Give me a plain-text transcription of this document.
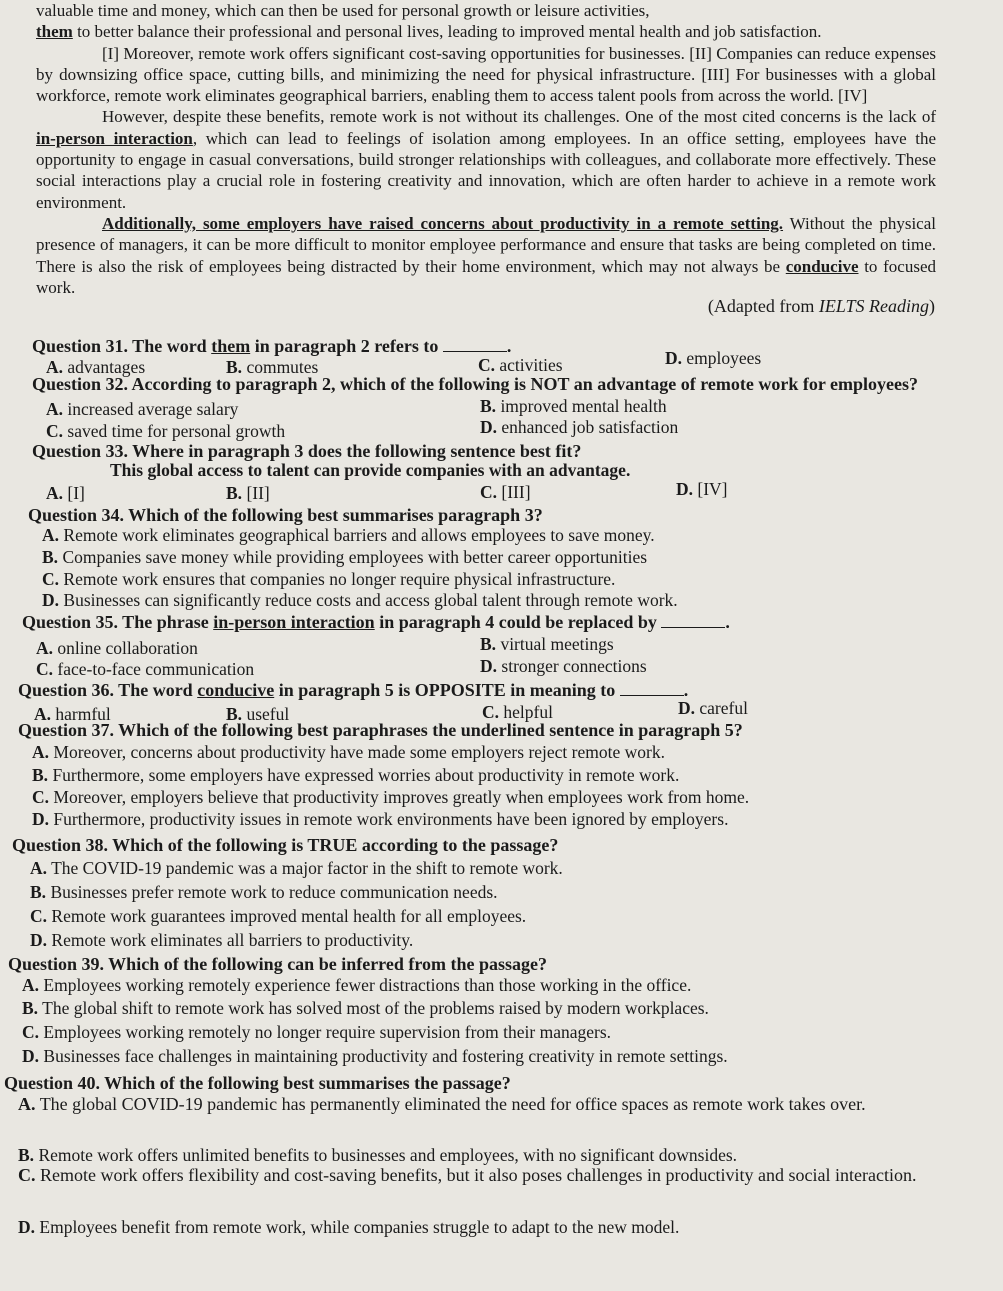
valuable time and money, which can then be used for personal growth or leisure activities,
them to better balance their professional and personal lives, leading to improved mental health and job satisfaction.

[I] Moreover, remote work offers significant cost-saving opportunities for businesses. [II] Companies can reduce expenses by downsizing office space, cutting bills, and minimizing the need for physical infrastructure. [III] For businesses with a global workforce, remote work eliminates geographical barriers, enabling them to access talent pools from across the world. [IV]

However, despite these benefits, remote work is not without its challenges. One of the most cited concerns is the lack of in-person interaction, which can lead to feelings of isolation among employees. In an office setting, employees have the opportunity to engage in casual conversations, build stronger relationships with colleagues, and collaborate more effectively. These social interactions play a crucial role in fostering creativity and innovation, which are often harder to achieve in a remote work environment.

Additionally, some employers have raised concerns about productivity in a remote setting. Without the physical presence of managers, it can be more difficult to monitor employee performance and ensure that tasks are being completed on time. There is also the risk of employees being distracted by their home environment, which may not always be conducive to focused work.

(Adapted from IELTS Reading)
Question 31. The word them in paragraph 2 refers to	.
A. advantages	B. commutes	C. activities	D. employees
Question 32. According to paragraph 2, which of the following is NOT an advantage of remote work for employees?
A. increased average salary	B. improved mental health
C. saved time for personal growth	D. enhanced job satisfaction
Question 33. Where in paragraph 3 does the following sentence best fit?
This global access to talent can provide companies with an advantage.
A. [I]	B. [II]	C. [III]	D. [IV]
Question 34. Which of the following best summarises paragraph 3?
A. Remote work eliminates geographical barriers and allows employees to save money.
B. Companies save money while providing employees with better career opportunities
C. Remote work ensures that companies no longer require physical infrastructure.
D. Businesses can significantly reduce costs and access global talent through remote work.
Question 35. The phrase in-person interaction in paragraph 4 could be replaced by	.
A. online collaboration	B. virtual meetings
C. face-to-face communication	D. stronger connections
Question 36. The word conducive in paragraph 5 is OPPOSITE in meaning to	.
A. harmful	B. useful	C. helpful	D. careful
Question 37. Which of the following best paraphrases the underlined sentence in paragraph 5?
A. Moreover, concerns about productivity have made some employers reject remote work.
B. Furthermore, some employers have expressed worries about productivity in remote work.
C. Moreover, employers believe that productivity improves greatly when employees work from home.
D. Furthermore, productivity issues in remote work environments have been ignored by employers.
Question 38. Which of the following is TRUE according to the passage?
A. The COVID-19 pandemic was a major factor in the shift to remote work.
B. Businesses prefer remote work to reduce communication needs.
C. Remote work guarantees improved mental health for all employees.
D. Remote work eliminates all barriers to productivity.
Question 39. Which of the following can be inferred from the passage?
A. Employees working remotely experience fewer distractions than those working in the office.
B. The global shift to remote work has solved most of the problems raised by modern workplaces.
C. Employees working remotely no longer require supervision from their managers.
D. Businesses face challenges in maintaining productivity and fostering creativity in remote settings.
Question 40. Which of the following best summarises the passage?
A. The global COVID-19 pandemic has permanently eliminated the need for office spaces as remote work takes over.
B. Remote work offers unlimited benefits to businesses and employees, with no significant downsides.
C. Remote work offers flexibility and cost-saving benefits, but it also poses challenges in productivity and social interaction.
D. Employees benefit from remote work, while companies struggle to adapt to the new model.
